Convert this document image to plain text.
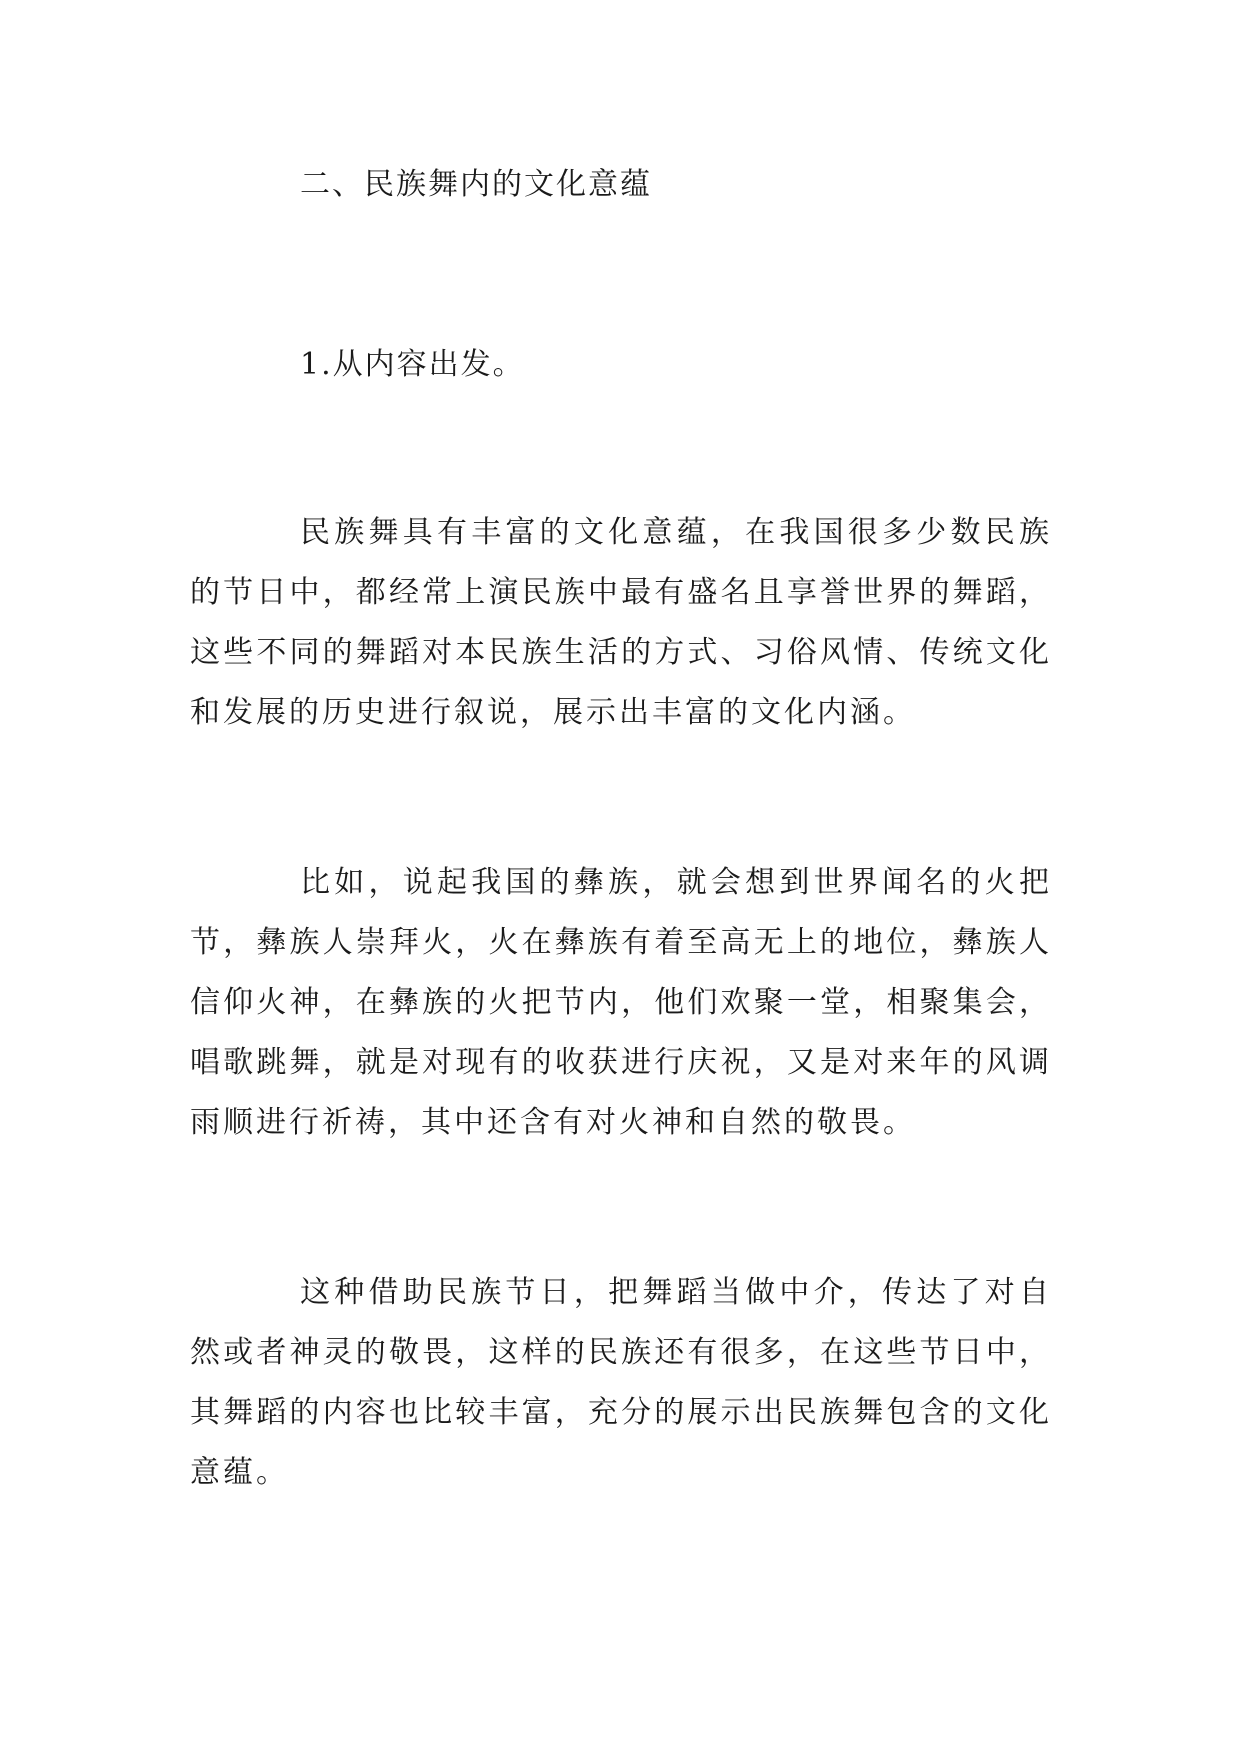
二、民族舞内的文化意蕴
1.从内容出发。

民族舞具有丰富的文化意蕴，在我国很多少数民族的节日中，都经常上演民族中最有盛名且享誉世界的舞蹈，这些不同的舞蹈对本民族生活的方式、习俗风情、传统文化和发展的历史进行叙说，展示出丰富的文化内涵。

比如，说起我国的彝族，就会想到世界闻名的火把节，彝族人崇拜火，火在彝族有着至高无上的地位，彝族人信仰火神，在彝族的火把节内，他们欢聚一堂，相聚集会，唱歌跳舞，就是对现有的收获进行庆祝，又是对来年的风调雨顺进行祈祷，其中还含有对火神和自然的敬畏。

这种借助民族节日，把舞蹈当做中介，传达了对自然或者神灵的敬畏，这样的民族还有很多，在这些节日中，其舞蹈的内容也比较丰富，充分的展示出民族舞包含的文化意蕴。
